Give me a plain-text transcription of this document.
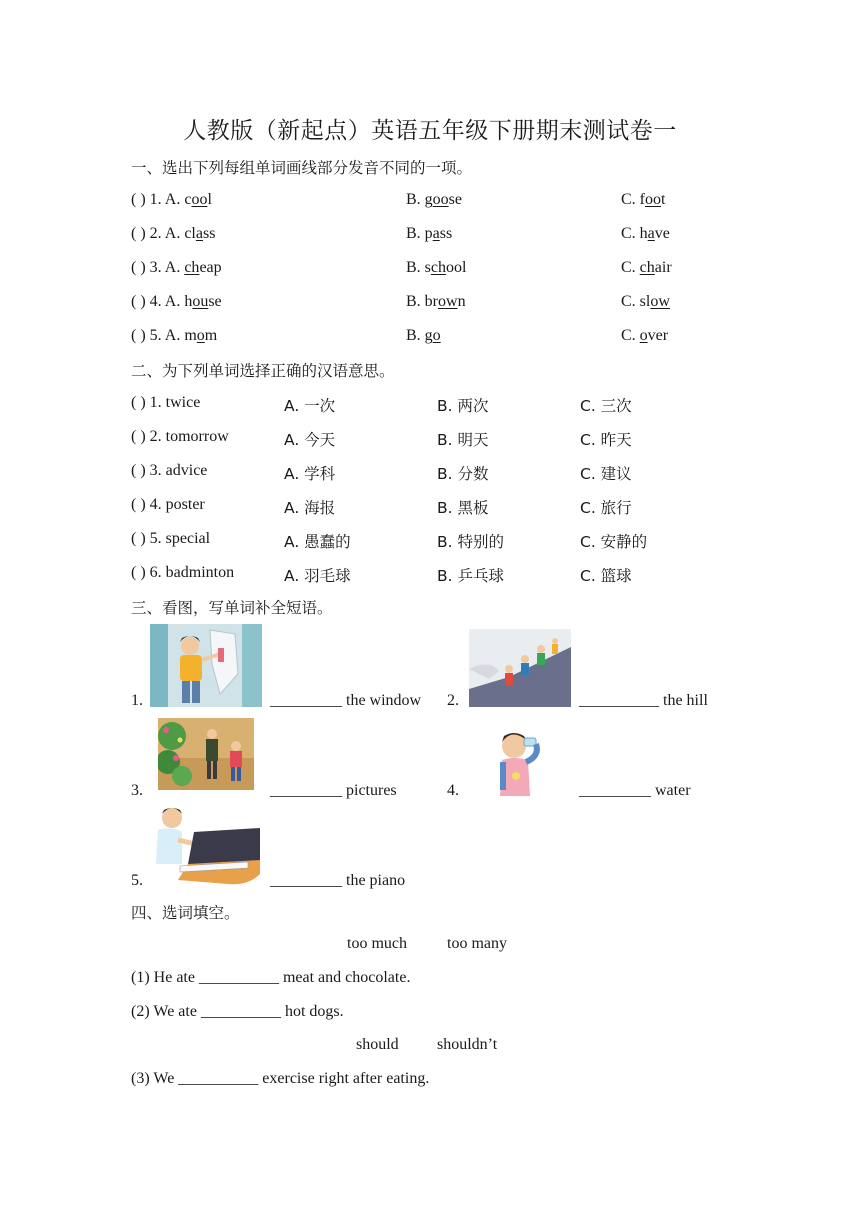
人教版（新起点）英语五年级下册期末测试卷一
一、选出下列每组单词画线部分发音不同的一项。
( ) 1. A. cool	B. goose	C. foot
( ) 2. A. class	B. pass	C. have
( ) 3. A. cheap	B. school	C. chair
( ) 4. A. house	B. brown	C. slow
( ) 5. A. mom	B. go	C. over
二、为下列单词选择正确的汉语意思。
( ) 1. twice	A. 一次	B. 两次	C. 三次
( ) 2. tomorrow	A. 今天	B. 明天	C. 昨天
( ) 3. advice	A. 学科	B. 分数	C. 建议
( ) 4. poster	A. 海报	B. 黑板	C. 旅行
( ) 5. special	A. 愚蠢的	B. 特别的	C. 安静的
( ) 6. badminton	A. 羽毛球	B. 乒乓球	C. 篮球
三、看图，写单词补全短语。
1.	_________ the window 2.	__________ the hill
3.	_________ pictures	4.	_________ water
5.	_________ the piano
四、选词填空。
too much	too many
(1) He ate __________ meat and chocolate.
(2) We ate __________ hot dogs.
should shouldn’t
(3) We __________ exercise right after eating.
